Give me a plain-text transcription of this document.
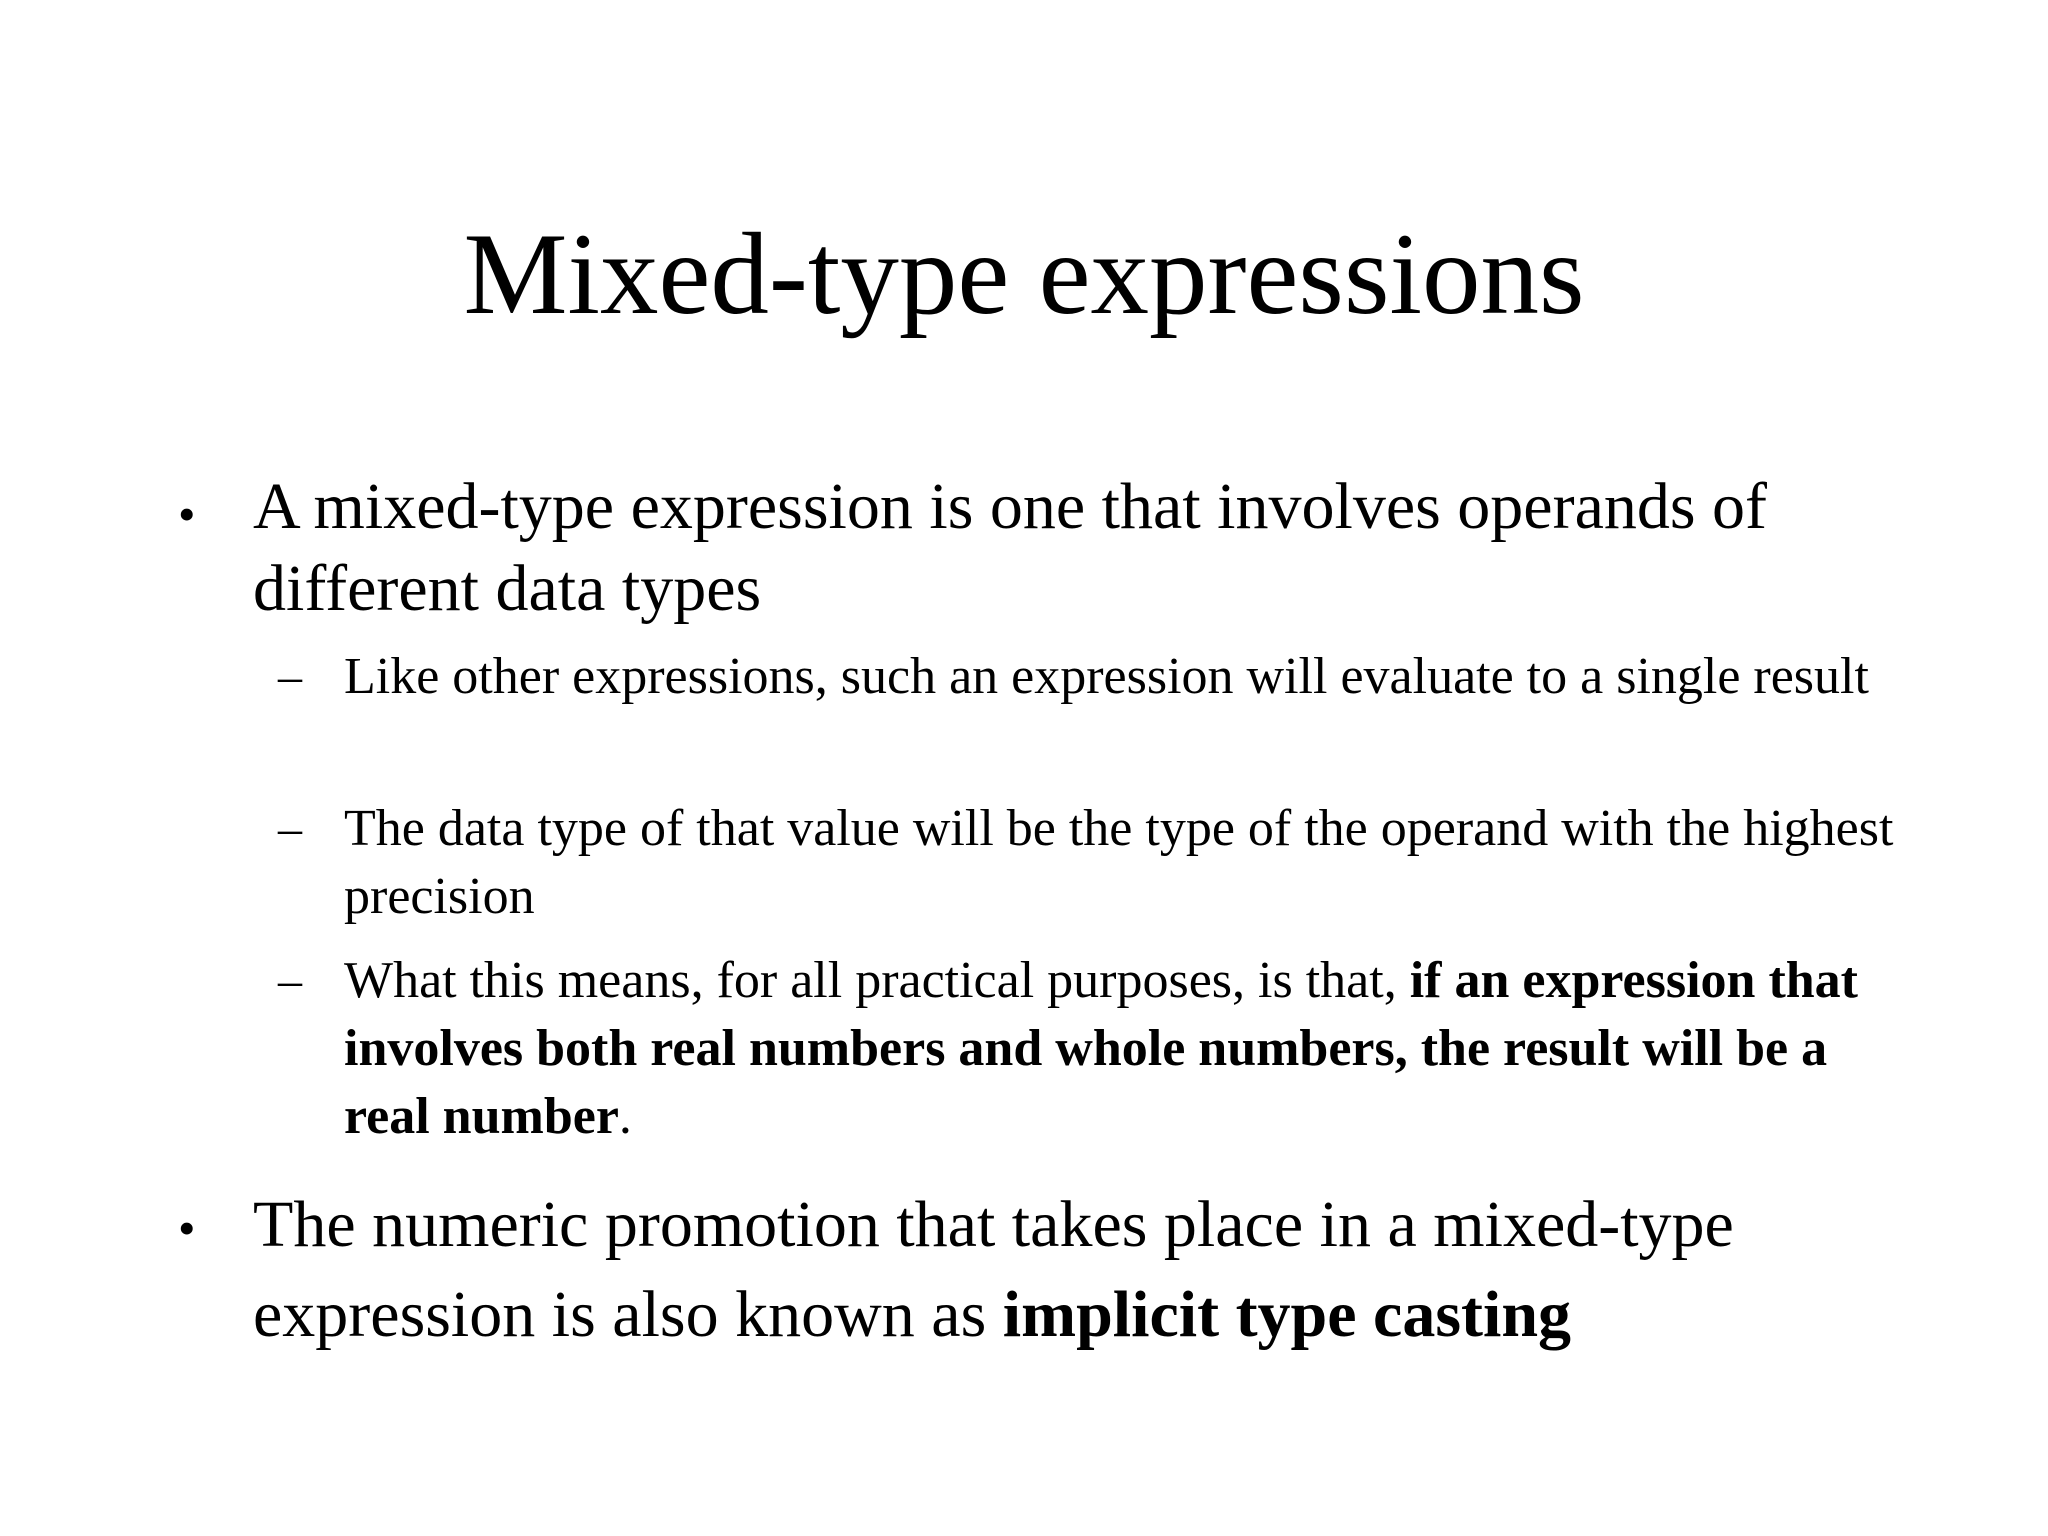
Mixed-type expressions
• A mixed-type expression is one that involves operands of different data types
– Like other expressions, such an expression will evaluate to a single result
– The data type of that value will be the type of the operand with the highest precision
– What this means, for all practical purposes, is that, if an expression that involves both real numbers and whole numbers, the result will be a real number.
• The numeric promotion that takes place in a mixed-type expression is also known as implicit type casting
